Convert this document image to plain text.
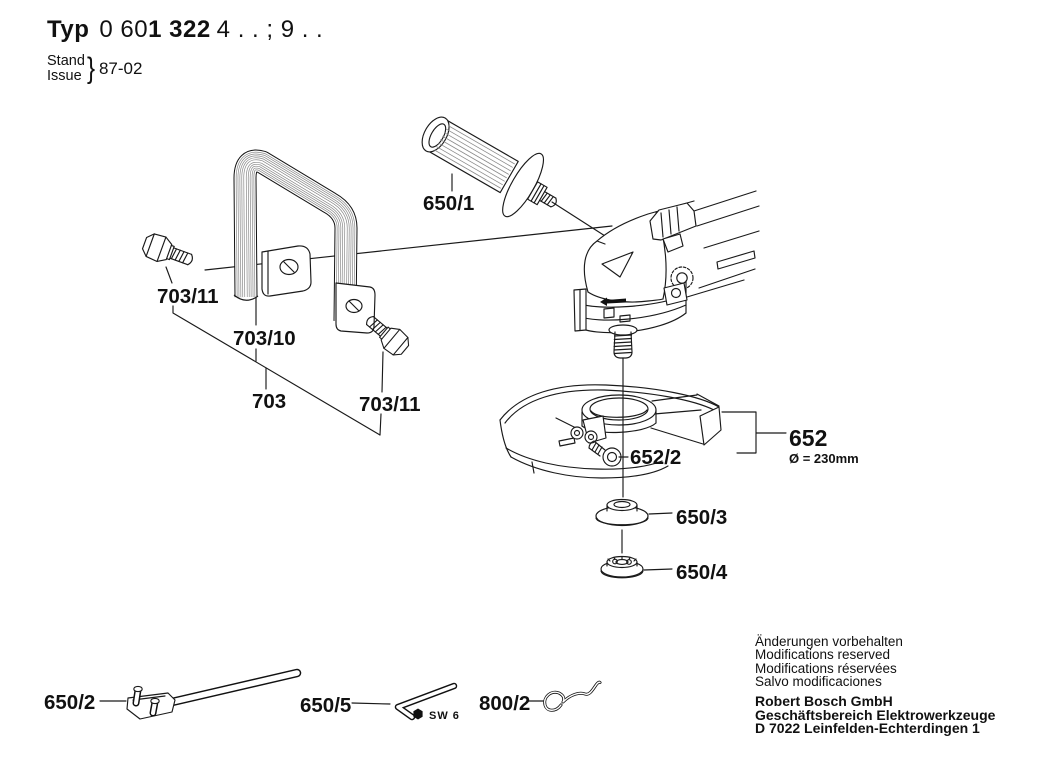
Typ 0 601 322 4 . . ; 9 . .
Stand
Issue } 87-02
650/1
703/11
703/10
703	703/11
652
Ø = 230mm
652/2
650/3
650/4
650/2	650/5	SW 6
800/2
Änderungen vorbehalten
Modifications reserved
Modifications réservées
Salvo modificaciones
Robert Bosch GmbH
Geschäftsbereich Elektrowerkzeuge
D 7022 Leinfelden-Echterdingen 1
